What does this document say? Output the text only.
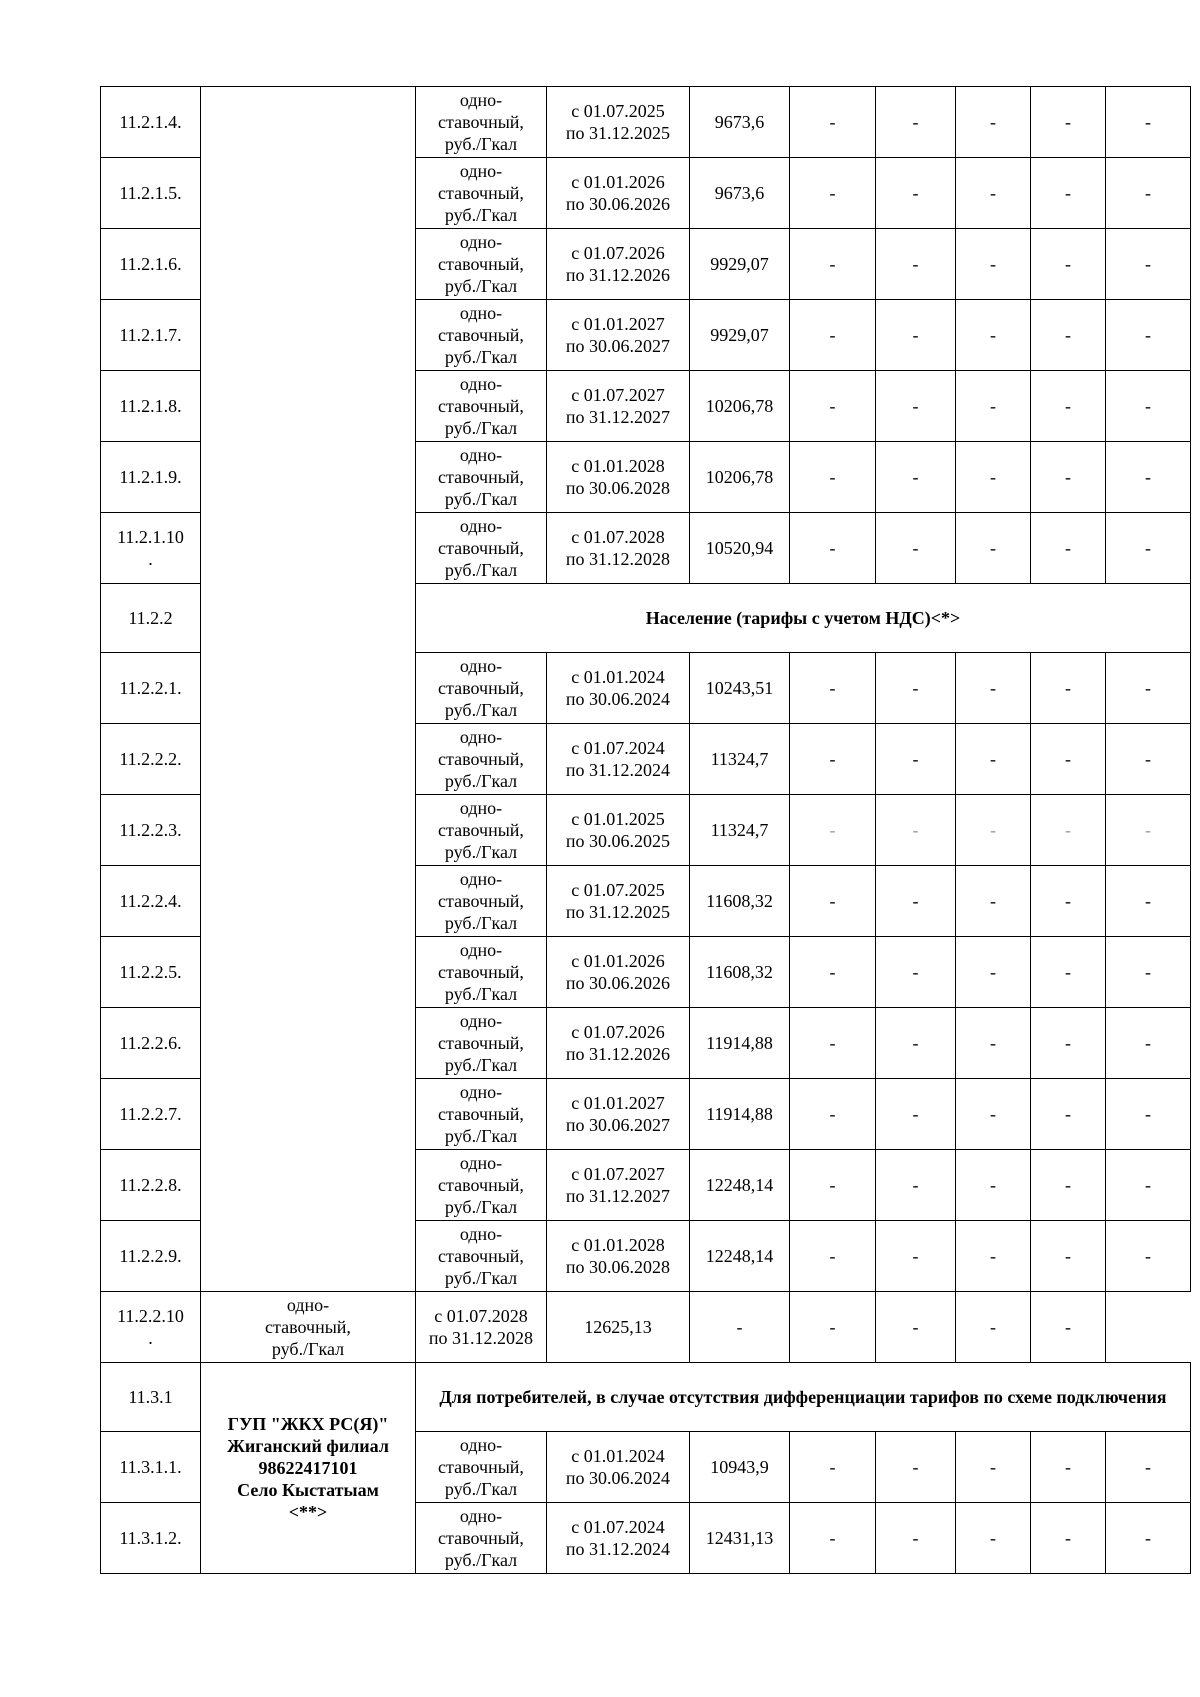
11.2.1.4.		одно-
ставочный,
руб./Гкал	с 01.07.2025
по 31.12.2025	9673,6	-	-	-	-	-
11.2.1.5.		одно-
ставочный,
руб./Гкал	с 01.01.2026
по 30.06.2026	9673,6	-	-	-	-	-
11.2.1.6.		одно-
ставочный,
руб./Гкал	с 01.07.2026
по 31.12.2026	9929,07	-	-	-	-	-
11.2.1.7.		одно-
ставочный,
руб./Гкал	с 01.01.2027
по 30.06.2027	9929,07	-	-	-	-	-
11.2.1.8.		одно-
ставочный,
руб./Гкал	с 01.07.2027
по 31.12.2027	10206,78	-	-	-	-	-
11.2.1.9.		одно-
ставочный,
руб./Гкал	с 01.01.2028
по 30.06.2028	10206,78	-	-	-	-	-
11.2.1.10
.		одно-
ставочный,
руб./Гкал	с 01.07.2028
по 31.12.2028	10520,94	-	-	-	-	-
11.2.2		Население (тарифы с учетом НДС)<*>							
11.2.2.1.		одно-
ставочный,
руб./Гкал	с 01.01.2024
по 30.06.2024	10243,51	-	-	-	-	-
11.2.2.2.		одно-
ставочный,
руб./Гкал	с 01.07.2024
по 31.12.2024	11324,7	-	-	-	-	-
11.2.2.3.		одно-
ставочный,
руб./Гкал	с 01.01.2025
по 30.06.2025	11324,7	-	-	-	-	-
11.2.2.4.		одно-
ставочный,
руб./Гкал	с 01.07.2025
по 31.12.2025	11608,32	-	-	-	-	-
11.2.2.5.		одно-
ставочный,
руб./Гкал	с 01.01.2026
по 30.06.2026	11608,32	-	-	-	-	-
11.2.2.6.		одно-
ставочный,
руб./Гкал	с 01.07.2026
по 31.12.2026	11914,88	-	-	-	-	-
11.2.2.7.		одно-
ставочный,
руб./Гкал	с 01.01.2027
по 30.06.2027	11914,88	-	-	-	-	-
11.2.2.8.		одно-
ставочный,
руб./Гкал	с 01.07.2027
по 31.12.2027	12248,14	-	-	-	-	-
11.2.2.9.		одно-
ставочный,
руб./Гкал	с 01.01.2028
по 30.06.2028	12248,14	-	-	-	-	-
11.2.2.10
.	одно-
ставочный,
руб./Гкал	с 01.07.2028
по 31.12.2028	12625,13	-	-	-	-	-	
11.3.1	ГУП "ЖКХ РС(Я)"
Жиганский филиал
98622417101
Село Кыстатыам
<**>	Для потребителей, в случае отсутствия дифференциации тарифов по схеме подключения							
11.3.1.1.		одно-
ставочный,
руб./Гкал	с 01.01.2024
по 30.06.2024	10943,9	-	-	-	-	-
11.3.1.2.		одно-
ставочный,
руб./Гкал	с 01.07.2024
по 31.12.2024	12431,13	-	-	-	-	-
